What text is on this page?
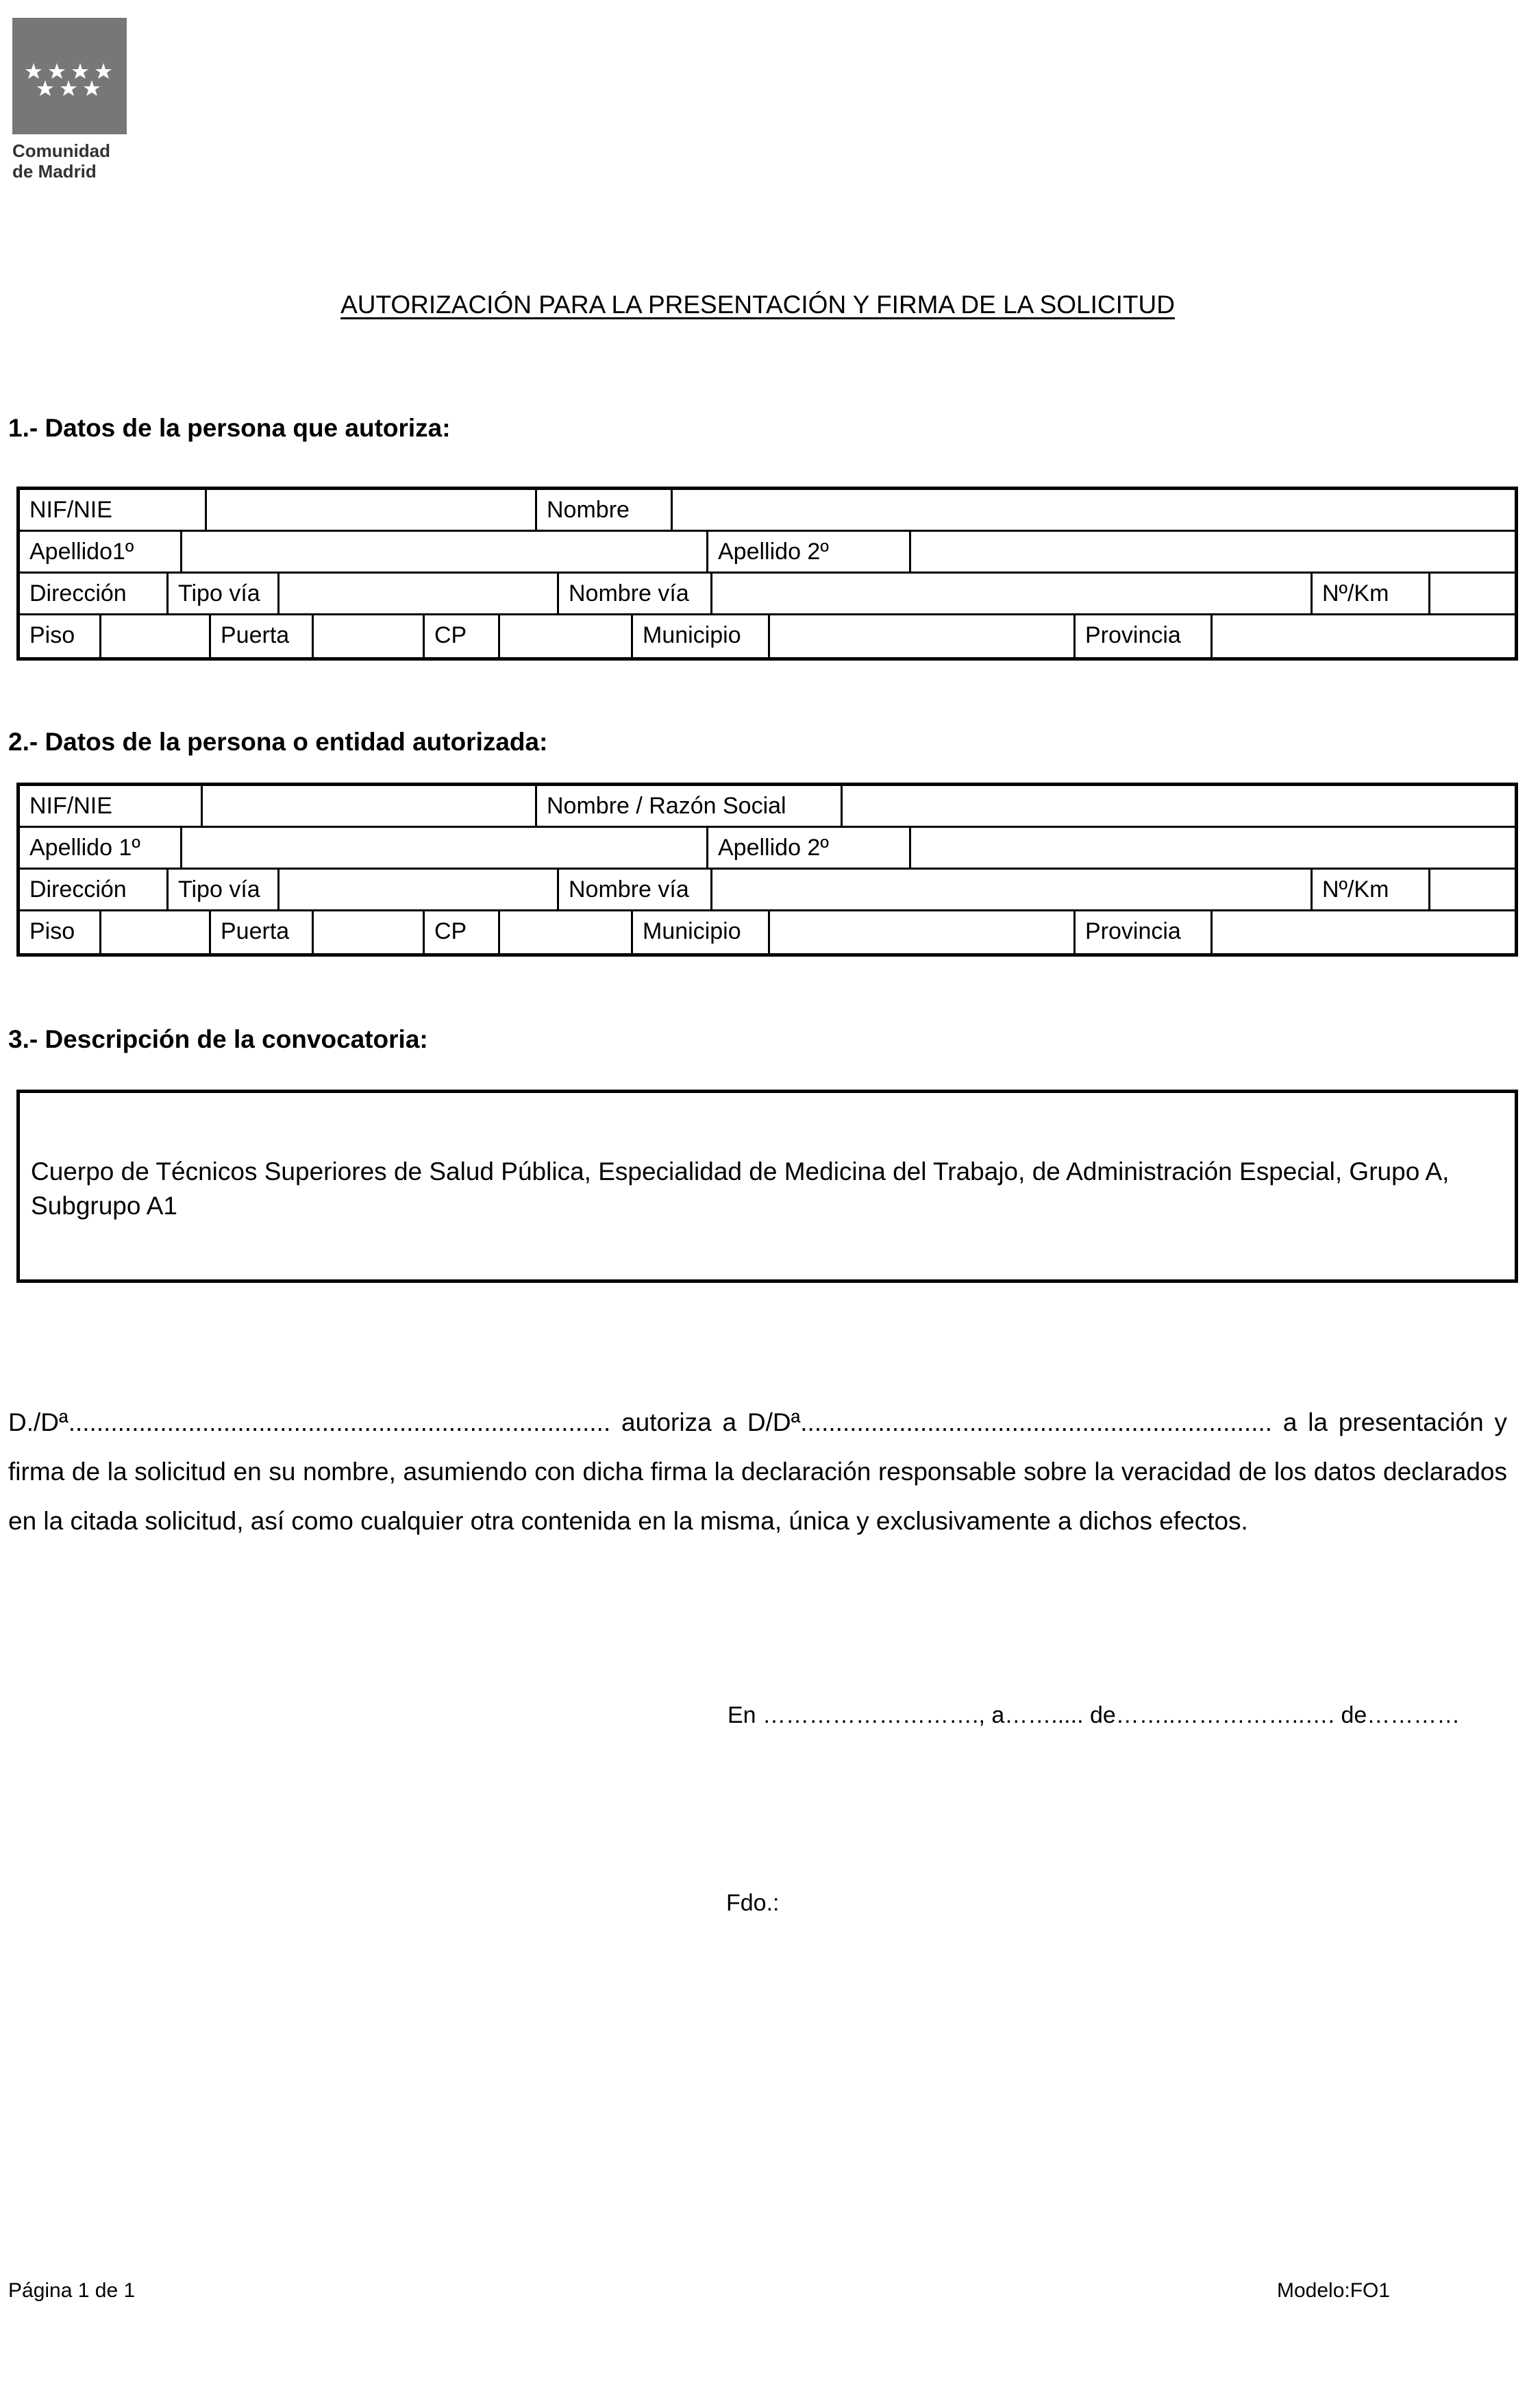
Comunidad
de Madrid
AUTORIZACIÓN PARA LA PRESENTACIÓN Y FIRMA DE LA SOLICITUD
1.- Datos de la persona que autoriza:
NIF/NIE	Nombre
Apellido1º	Apellido 2º
Dirección	Tipo vía	Nombre vía	Nº/Km
Piso	Puerta	CP	Municipio	Provincia
2.- Datos de la persona o entidad autorizada:
NIF/NIE	Nombre / Razón Social
Apellido 1º	Apellido 2º
Dirección	Tipo vía	Nombre vía	Nº/Km
Piso	Puerta	CP	Municipio	Provincia
3.- Descripción de la convocatoria:
Cuerpo de Técnicos Superiores de Salud Pública, Especialidad de Medicina del Trabajo, de Administración Especial, Grupo A, Subgrupo A1
D./Dª............................................................................. autoriza a D/Dª................................................................... a la presentación y firma de la solicitud en su nombre, asumiendo con dicha firma la declaración responsable sobre la veracidad de los datos declarados en la citada solicitud, así como cualquier otra contenida en la misma, única y exclusivamente a dichos efectos.
En ………………………., a……..... de……..……………..…. de…………
Fdo.:
Página 1 de 1	Modelo:FO1
